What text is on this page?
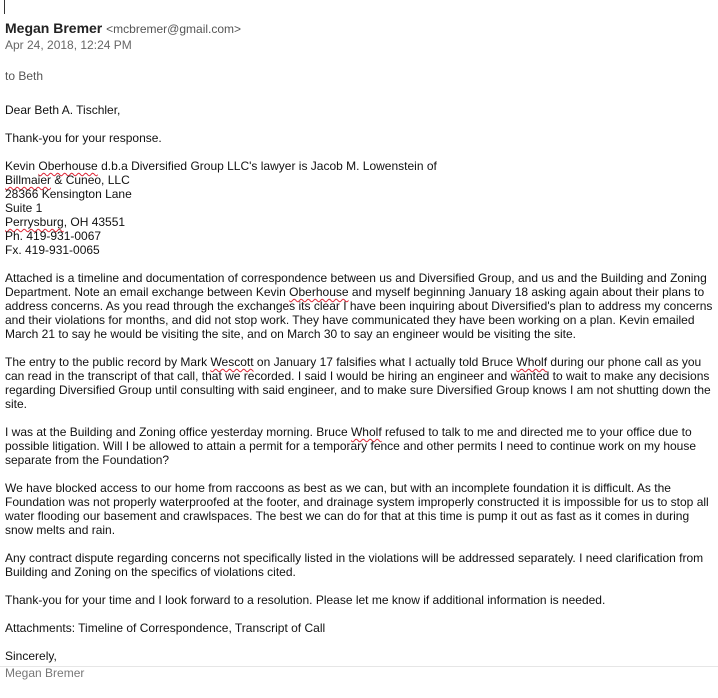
Megan Bremer <mcbremer@gmail.com>
Apr 24, 2018, 12:24 PM
to Beth

Dear Beth A. Tischler,

Thank-you for your response.

Kevin Oberhouse d.b.a Diversified Group LLC's lawyer is Jacob M. Lowenstein of
Billmaier & Cuneo, LLC
28366 Kensington Lane
Suite 1
Perrysburg, OH 43551
Ph. 419-931-0067
Fx. 419-931-0065

Attached is a timeline and documentation of correspondence between us and Diversified Group, and us and the Building and Zoning Department. Note an email exchange between Kevin Oberhouse and myself beginning January 18 asking again about their plans to address concerns. As you read through the exchanges its clear I have been inquiring about Diversified's plan to address my concerns and their violations for months, and did not stop work. They have communicated they have been working on a plan. Kevin emailed March 21 to say he would be visiting the site, and on March 30 to say an engineer would be visiting the site.

The entry to the public record by Mark Wescott on January 17 falsifies what I actually told Bruce Wholf during our phone call as you can read in the transcript of that call, that we recorded. I said I would be hiring an engineer and wanted to wait to make any decisions regarding Diversified Group until consulting with said engineer, and to make sure Diversified Group knows I am not shutting down the site.

I was at the Building and Zoning office yesterday morning. Bruce Wholf refused to talk to me and directed me to your office due to possible litigation. Will I be allowed to attain a permit for a temporary fence and other permits I need to continue work on my house separate from the Foundation?

We have blocked access to our home from raccoons as best as we can, but with an incomplete foundation it is difficult. As the Foundation was not properly waterproofed at the footer, and drainage system improperly constructed it is impossible for us to stop all water flooding our basement and crawlspaces. The best we can do for that at this time is pump it out as fast as it comes in during snow melts and rain.

Any contract dispute regarding concerns not specifically listed in the violations will be addressed separately. I need clarification from Building and Zoning on the specifics of violations cited.

Thank-you for your time and I look forward to a resolution. Please let me know if additional information is needed.

Attachments: Timeline of Correspondence, Transcript of Call

Sincerely,

Megan Bremer
